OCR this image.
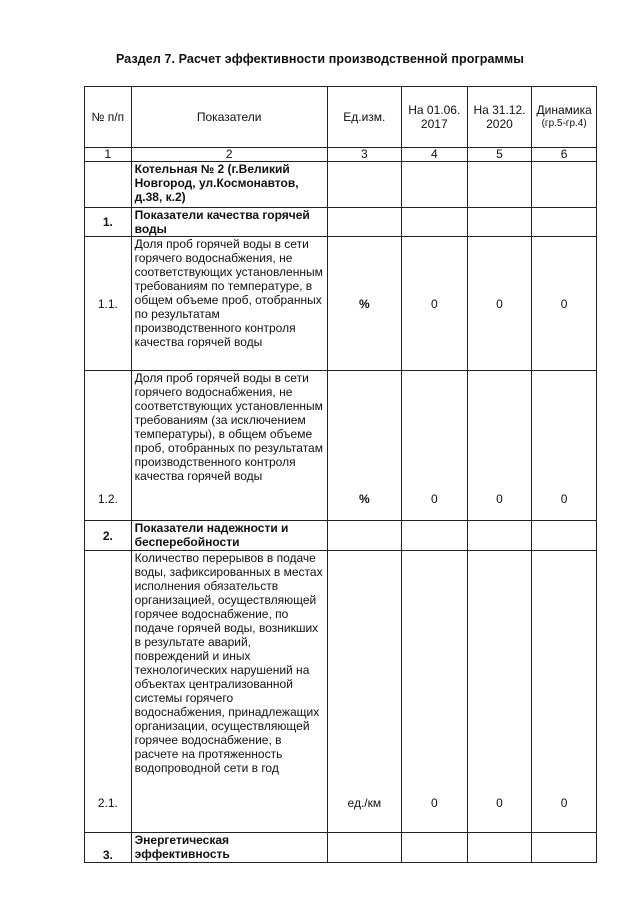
Раздел 7. Расчет эффективности производственной программы
№ п/п	Показатели	Ед.изм.	На 01.06. 2017	На 31.12. 2020	Динамика
(гр.5-гр.4)

1	2	3	4	5	6
	Котельная № 2 (г.Великий Новгород, ул.Космонавтов, д.38, к.2)				
1.	Показатели качества горячей воды				
1.1.	Доля проб горячей воды в сети горячего водоснабжения, не соответствующих установленным требованиям по температуре, в общем объеме проб, отобранных по результатам производственного контроля качества горячей воды	%	0	0	0
1.2.	Доля проб горячей воды в сети горячего водоснабжения, не соответствующих установленным требованиям (за исключением температуры), в общем объеме проб, отобранных по результатам производственного контроля качества горячей воды	%	0	0	0
2.	Показатели надежности и бесперебойности				
2.1.	Количество перерывов в подаче воды, зафиксированных в местах исполнения обязательств организацией, осуществляющей горячее водоснабжение, по подаче горячей воды, возникших в результате аварий, повреждений и иных технологических нарушений на объектах централизованной системы горячего водоснабжения, принадлежащих организации, осуществляющей горячее водоснабжение, в расчете на протяженность водопроводной сети в год	ед./км	0	0	0
3.	Энергетическая эффективность				
